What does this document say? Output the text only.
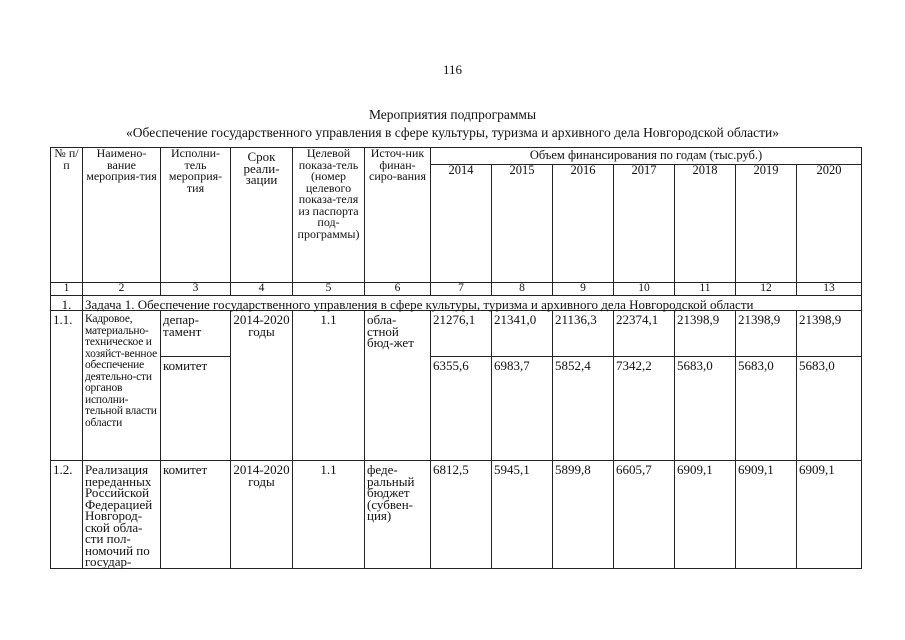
116
Мероприятия подпрограммы
«Обеспечение государственного управления в сфере культуры, туризма и архивного дела Новгородской области»
№ п/п	Наимено-вание мероприя-тия	Исполни-тель мероприя-тия	Срок реали-зации	Целевой показа-тель (номер целевого показа-теля из паспорта под-программы)	Источ-ник финан-сиро-вания	Объем финансирования по годам (тыс.руб.)						
						2014	2015	2016	2017	2018	2019	2020
1	2	3	4	5	6	7	8	9	10	11	12	13
1.	Задача 1. Обеспечение государственного управления в сфере культуры, туризма и архивного дела Новгородской области											
1.1.	Кадровое, материально-техническое и хозяйст-венное обеспечение деятельно-сти органов исполни-тельной власти области	депар-тамент	2014-2020 годы	1.1	обла-стной бюд-жет	21276,1	21341,0	21136,3	22374,1	21398,9	21398,9	21398,9
		комитет				6355,6	6983,7	5852,4	7342,2	5683,0	5683,0	5683,0
1.2.	Реализация переданных Российской Федерацией Новгород-ской обла-сти пол-номочий по государ-	комитет	2014-2020 годы	1.1	феде-ральный бюджет (субвен-ция)	6812,5	5945,1	5899,8	6605,7	6909,1	6909,1	6909,1
